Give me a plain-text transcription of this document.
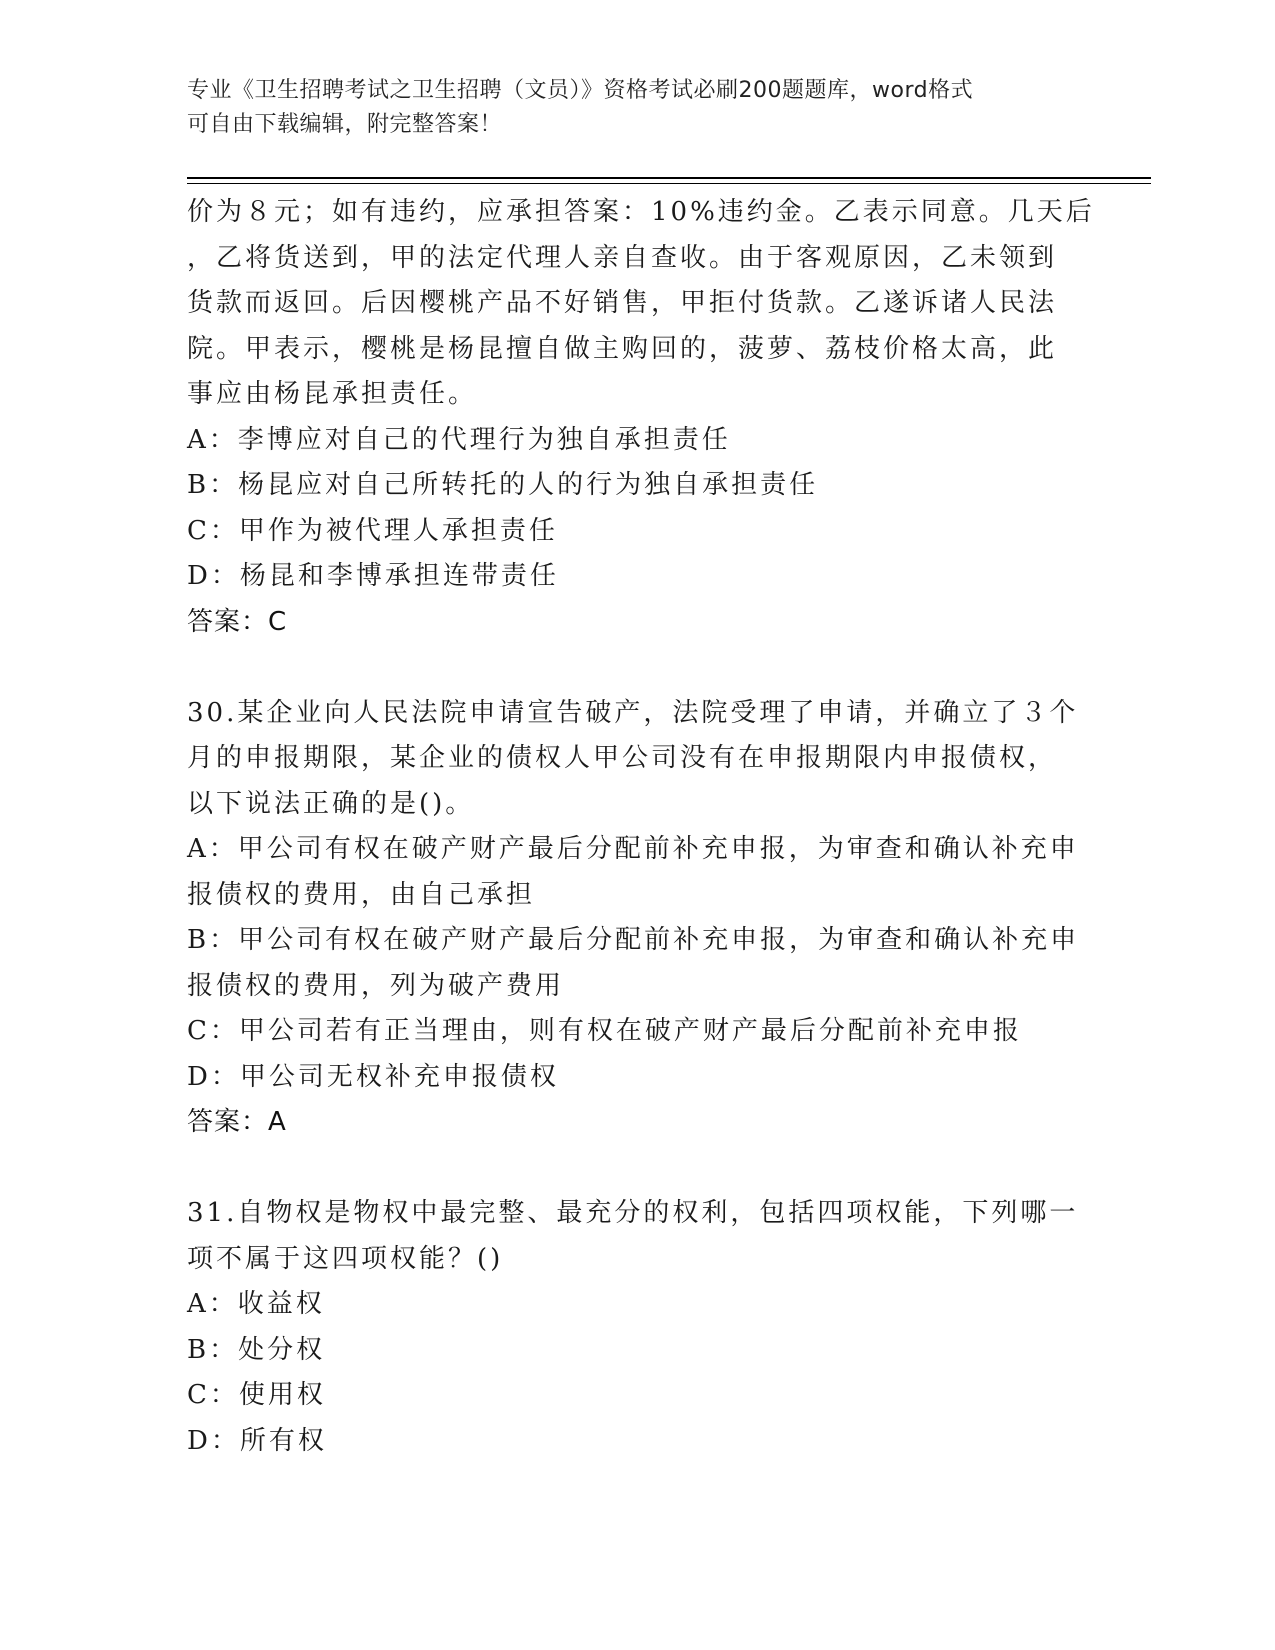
专业《卫生招聘考试之卫生招聘（文员）》资格考试必刷200题题库，word格式
可自由下载编辑，附完整答案！
价为８元；如有违约，应承担答案：10%违约金。乙表示同意。几天后
，乙将货送到，甲的法定代理人亲自查收。由于客观原因，乙未领到
货款而返回。后因樱桃产品不好销售，甲拒付货款。乙遂诉诸人民法
院。甲表示，樱桃是杨昆擅自做主购回的，菠萝、荔枝价格太高，此
事应由杨昆承担责任。
A：李博应对自己的代理行为独自承担责任
B：杨昆应对自己所转托的人的行为独自承担责任
C：甲作为被代理人承担责任
D：杨昆和李博承担连带责任
答案：C
30.某企业向人民法院申请宣告破产，法院受理了申请，并确立了３个
月的申报期限，某企业的债权人甲公司没有在申报期限内申报债权，
以下说法正确的是()。
A：甲公司有权在破产财产最后分配前补充申报，为审查和确认补充申
报债权的费用，由自己承担
B：甲公司有权在破产财产最后分配前补充申报，为审查和确认补充申
报债权的费用，列为破产费用
C：甲公司若有正当理由，则有权在破产财产最后分配前补充申报
D：甲公司无权补充申报债权
答案：A
31.自物权是物权中最完整、最充分的权利，包括四项权能，下列哪一
项不属于这四项权能？()
A：收益权
B：处分权
C：使用权
D：所有权
